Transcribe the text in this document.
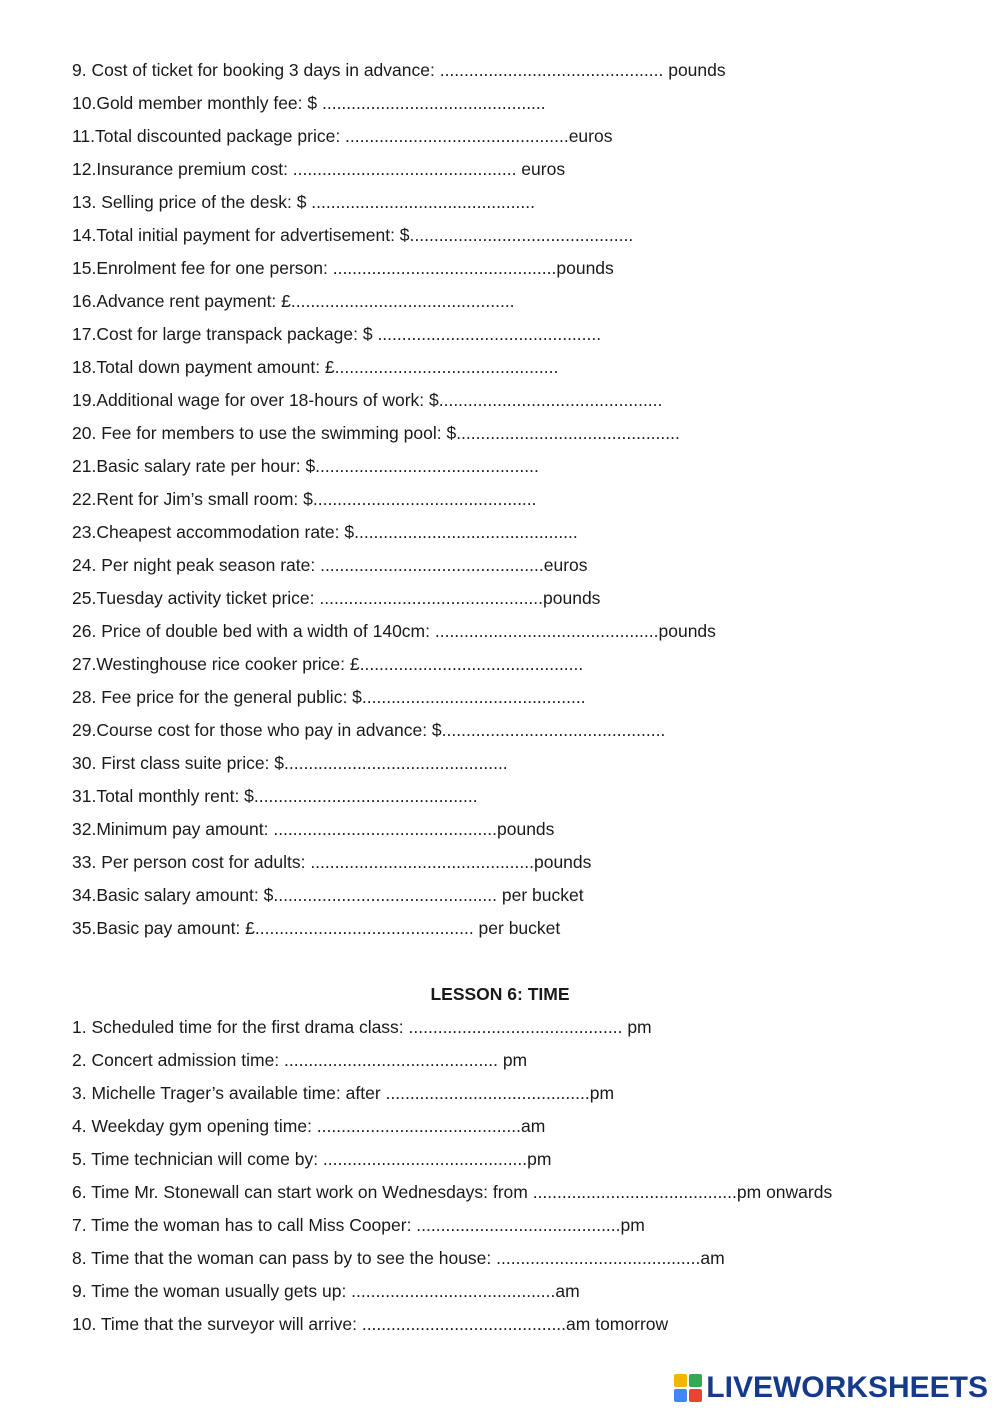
9. Cost of ticket for booking 3 days in advance: .............................................. pounds
10.Gold member monthly fee: $ ..............................................
11.Total discounted package price: ..............................................euros
12.Insurance premium cost: .............................................. euros
13. Selling price of the desk: $ ..............................................
14.Total initial payment for advertisement: $..............................................
15.Enrolment fee for one person: ..............................................pounds
16.Advance rent payment: £..............................................
17.Cost for large transpack package: $ ..............................................
18.Total down payment amount: £..............................................
19.Additional wage for over 18-hours of work: $..............................................
20. Fee for members to use the swimming pool: $..............................................
21.Basic salary rate per hour: $..............................................
22.Rent for Jim’s small room: $..............................................
23.Cheapest accommodation rate: $..............................................
24. Per night peak season rate: ..............................................euros
25.Tuesday activity ticket price: ..............................................pounds
26. Price of double bed with a width of 140cm: ..............................................pounds
27.Westinghouse rice cooker price: £..............................................
28. Fee price for the general public: $..............................................
29.Course cost for those who pay in advance: $..............................................
30. First class suite price: $..............................................
31.Total monthly rent: $..............................................
32.Minimum pay amount: ..............................................pounds
33. Per person cost for adults: ..............................................pounds
34.Basic salary amount: $.............................................. per bucket
35.Basic pay amount: £............................................. per bucket
LESSON 6: TIME
1. Scheduled time for the first drama class: ............................................ pm
2. Concert admission time: ............................................ pm
3. Michelle Trager’s available time: after ..........................................pm
4. Weekday gym opening time: ..........................................am
5. Time technician will come by: ..........................................pm
6. Time Mr. Stonewall can start work on Wednesdays: from ..........................................pm onwards
7. Time the woman has to call Miss Cooper: ..........................................pm
8. Time that the woman can pass by to see the house: ..........................................am
9. Time the woman usually gets up: ..........................................am
10. Time that the surveyor will arrive: ..........................................am tomorrow
LIVEWORKSHEETS
